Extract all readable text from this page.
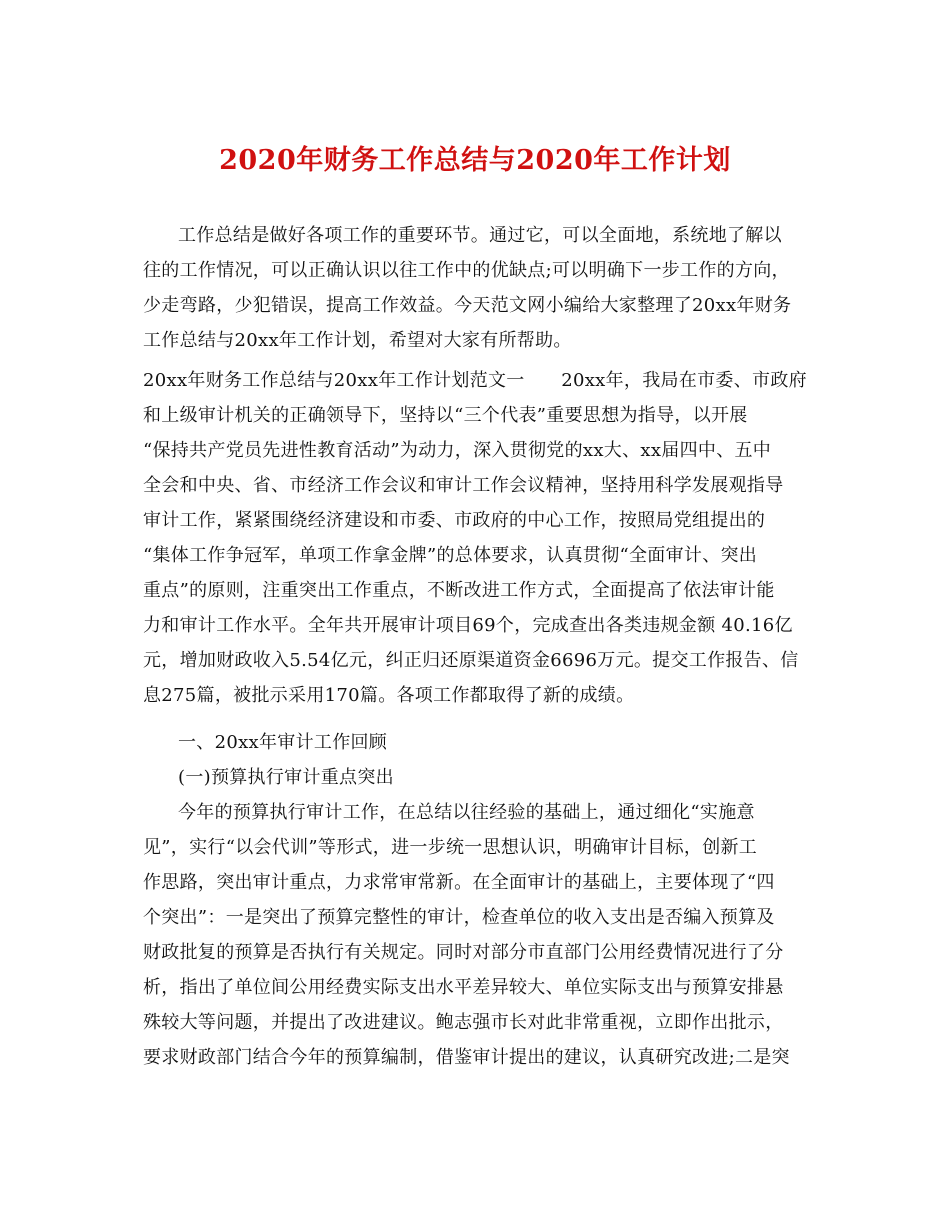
2020年财务工作总结与2020年工作计划
工作总结是做好各项工作的重要环节。通过它，可以全面地，系统地了解以
往的工作情况，可以正确认识以往工作中的优缺点;可以明确下一步工作的方向，
少走弯路，少犯错误，提高工作效益。今天范文网小编给大家整理了20xx年财务
工作总结与20xx年工作计划，希望对大家有所帮助。
20xx年财务工作总结与20xx年工作计划范文一　　20xx年，我局在市委、市政府
和上级审计机关的正确领导下，坚持以“三个代表”重要思想为指导，以开展
“保持共产党员先进性教育活动”为动力，深入贯彻党的xx大、xx届四中、五中
全会和中央、省、市经济工作会议和审计工作会议精神，坚持用科学发展观指导
审计工作，紧紧围绕经济建设和市委、市政府的中心工作，按照局党组提出的
“集体工作争冠军，单项工作拿金牌”的总体要求，认真贯彻“全面审计、突出
重点”的原则，注重突出工作重点，不断改进工作方式，全面提高了依法审计能
力和审计工作水平。全年共开展审计项目69个，完成查出各类违规金额 40.16亿
元，增加财政收入5.54亿元，纠正归还原渠道资金6696万元。提交工作报告、信
息275篇，被批示采用170篇。各项工作都取得了新的成绩。
一、20xx年审计工作回顾
(一)预算执行审计重点突出
今年的预算执行审计工作，在总结以往经验的基础上，通过细化“实施意
见”，实行“以会代训”等形式，进一步统一思想认识，明确审计目标，创新工
作思路，突出审计重点，力求常审常新。在全面审计的基础上，主要体现了“四
个突出”：一是突出了预算完整性的审计，检查单位的收入支出是否编入预算及
财政批复的预算是否执行有关规定。同时对部分市直部门公用经费情况进行了分
析，指出了单位间公用经费实际支出水平差异较大、单位实际支出与预算安排悬
殊较大等问题，并提出了改进建议。鲍志强市长对此非常重视，立即作出批示，
要求财政部门结合今年的预算编制，借鉴审计提出的建议，认真研究改进;二是突
